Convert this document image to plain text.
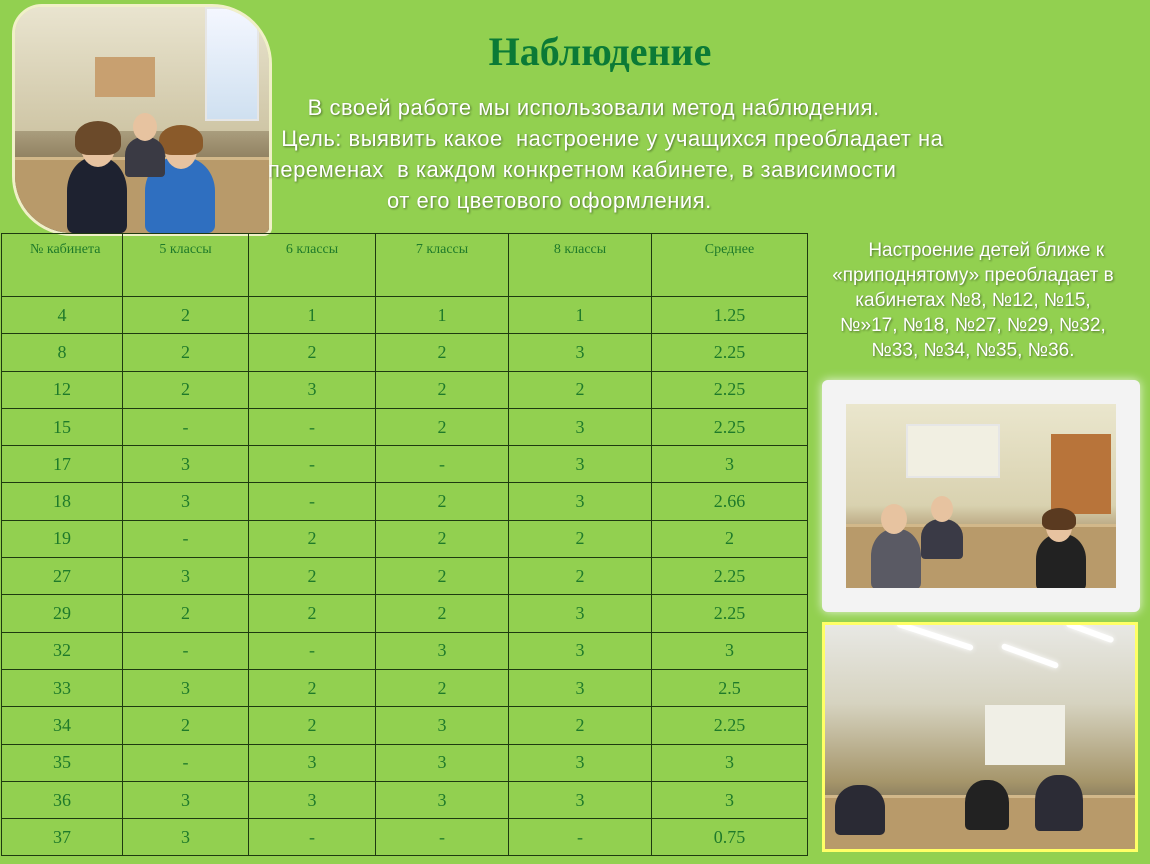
Наблюдение
В своей работе мы использовали метод наблюдения.
Цель: выявить какое  настроение у учащихся преобладает на
переменах  в каждом конкретном кабинете, в зависимости
от его цветового оформления.
№ кабинета	5 классы	6 классы	7 классы	8 классы	Среднее
4	2	1	1	1	1.25
8	2	2	2	3	2.25
12	2	3	2	2	2.25
15	-	-	2	3	2.25
17	3	-	-	3	3
18	3	-	2	3	2.66
19	-	2	2	2	2
27	3	2	2	2	2.25
29	2	2	2	3	2.25
32	-	-	3	3	3
33	3	2	2	3	2.5
34	2	2	3	2	2.25
35	-	3	3	3	3
36	3	3	3	3	3
37	3	-	-	-	0.75
Настроение детей ближе к
«приподнятому» преобладает в
кабинетах №8, №12, №15,
№»17, №18, №27, №29, №32,
№33, №34, №35, №36.
